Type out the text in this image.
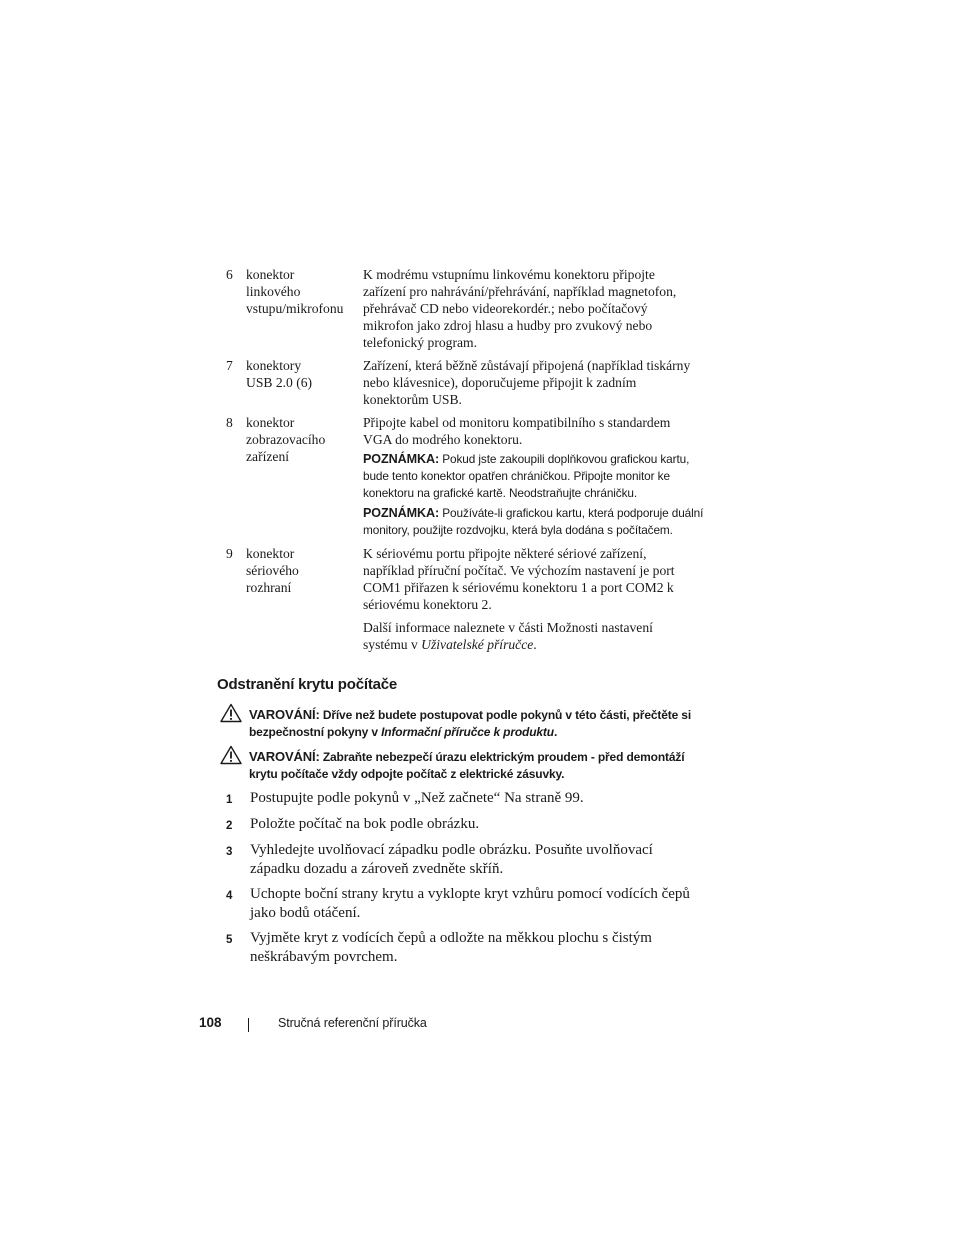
6 konektor
linkového
vstupu/mikrofonu
K modrému vstupnímu linkovému konektoru připojte
zařízení pro nahrávání/přehrávání, například magnetofon,
přehrávač CD nebo videorekordér.; nebo počítačový
mikrofon jako zdroj hlasu a hudby pro zvukový nebo
telefonický program.
7 konektory
USB 2.0 (6)
Zařízení, která běžně zůstávají připojená (například tiskárny
nebo klávesnice), doporučujeme připojit k zadním
konektorům USB.
8 konektor
zobrazovacího
zařízení
Připojte kabel od monitoru kompatibilního s standardem
VGA do modrého konektoru.
POZNÁMKA: Pokud jste zakoupili doplňkovou grafickou kartu,
bude tento konektor opatřen chráničkou. Připojte monitor ke
konektoru na grafické kartě. Neodstraňujte chráničku.
POZNÁMKA: Používáte-li grafickou kartu, která podporuje duální
monitory, použijte rozdvojku, která byla dodána s počítačem.
9 konektor
sériového
rozhraní
K sériovému portu připojte některé sériové zařízení,
například příruční počítač. Ve výchozím nastavení je port
COM1 přiřazen k sériovému konektoru 1 a port COM2 k
sériovému konektoru 2.
Další informace naleznete v části Možnosti nastavení
systému v Uživatelské příručce.
Odstranění krytu počítače
VAROVÁNÍ: Dříve než budete postupovat podle pokynů v této části, přečtěte si
bezpečnostní pokyny v Informační příručce k produktu.
VAROVÁNÍ: Zabraňte nebezpečí úrazu elektrickým proudem - před demontáží
krytu počítače vždy odpojte počítač z elektrické zásuvky.
1 Postupujte podle pokynů v „Než začnete“ Na straně 99.
2 Položte počítač na bok podle obrázku.
3 Vyhledejte uvolňovací západku podle obrázku. Posuňte uvolňovací
západku dozadu a zároveň zvedněte skříň.
4 Uchopte boční strany krytu a vyklopte kryt vzhůru pomocí vodících čepů
jako bodů otáčení.
5 Vyjměte kryt z vodících čepů a odložte na měkkou plochu s čistým
neškrábavým povrchem.
108	Stručná referenční příručka
